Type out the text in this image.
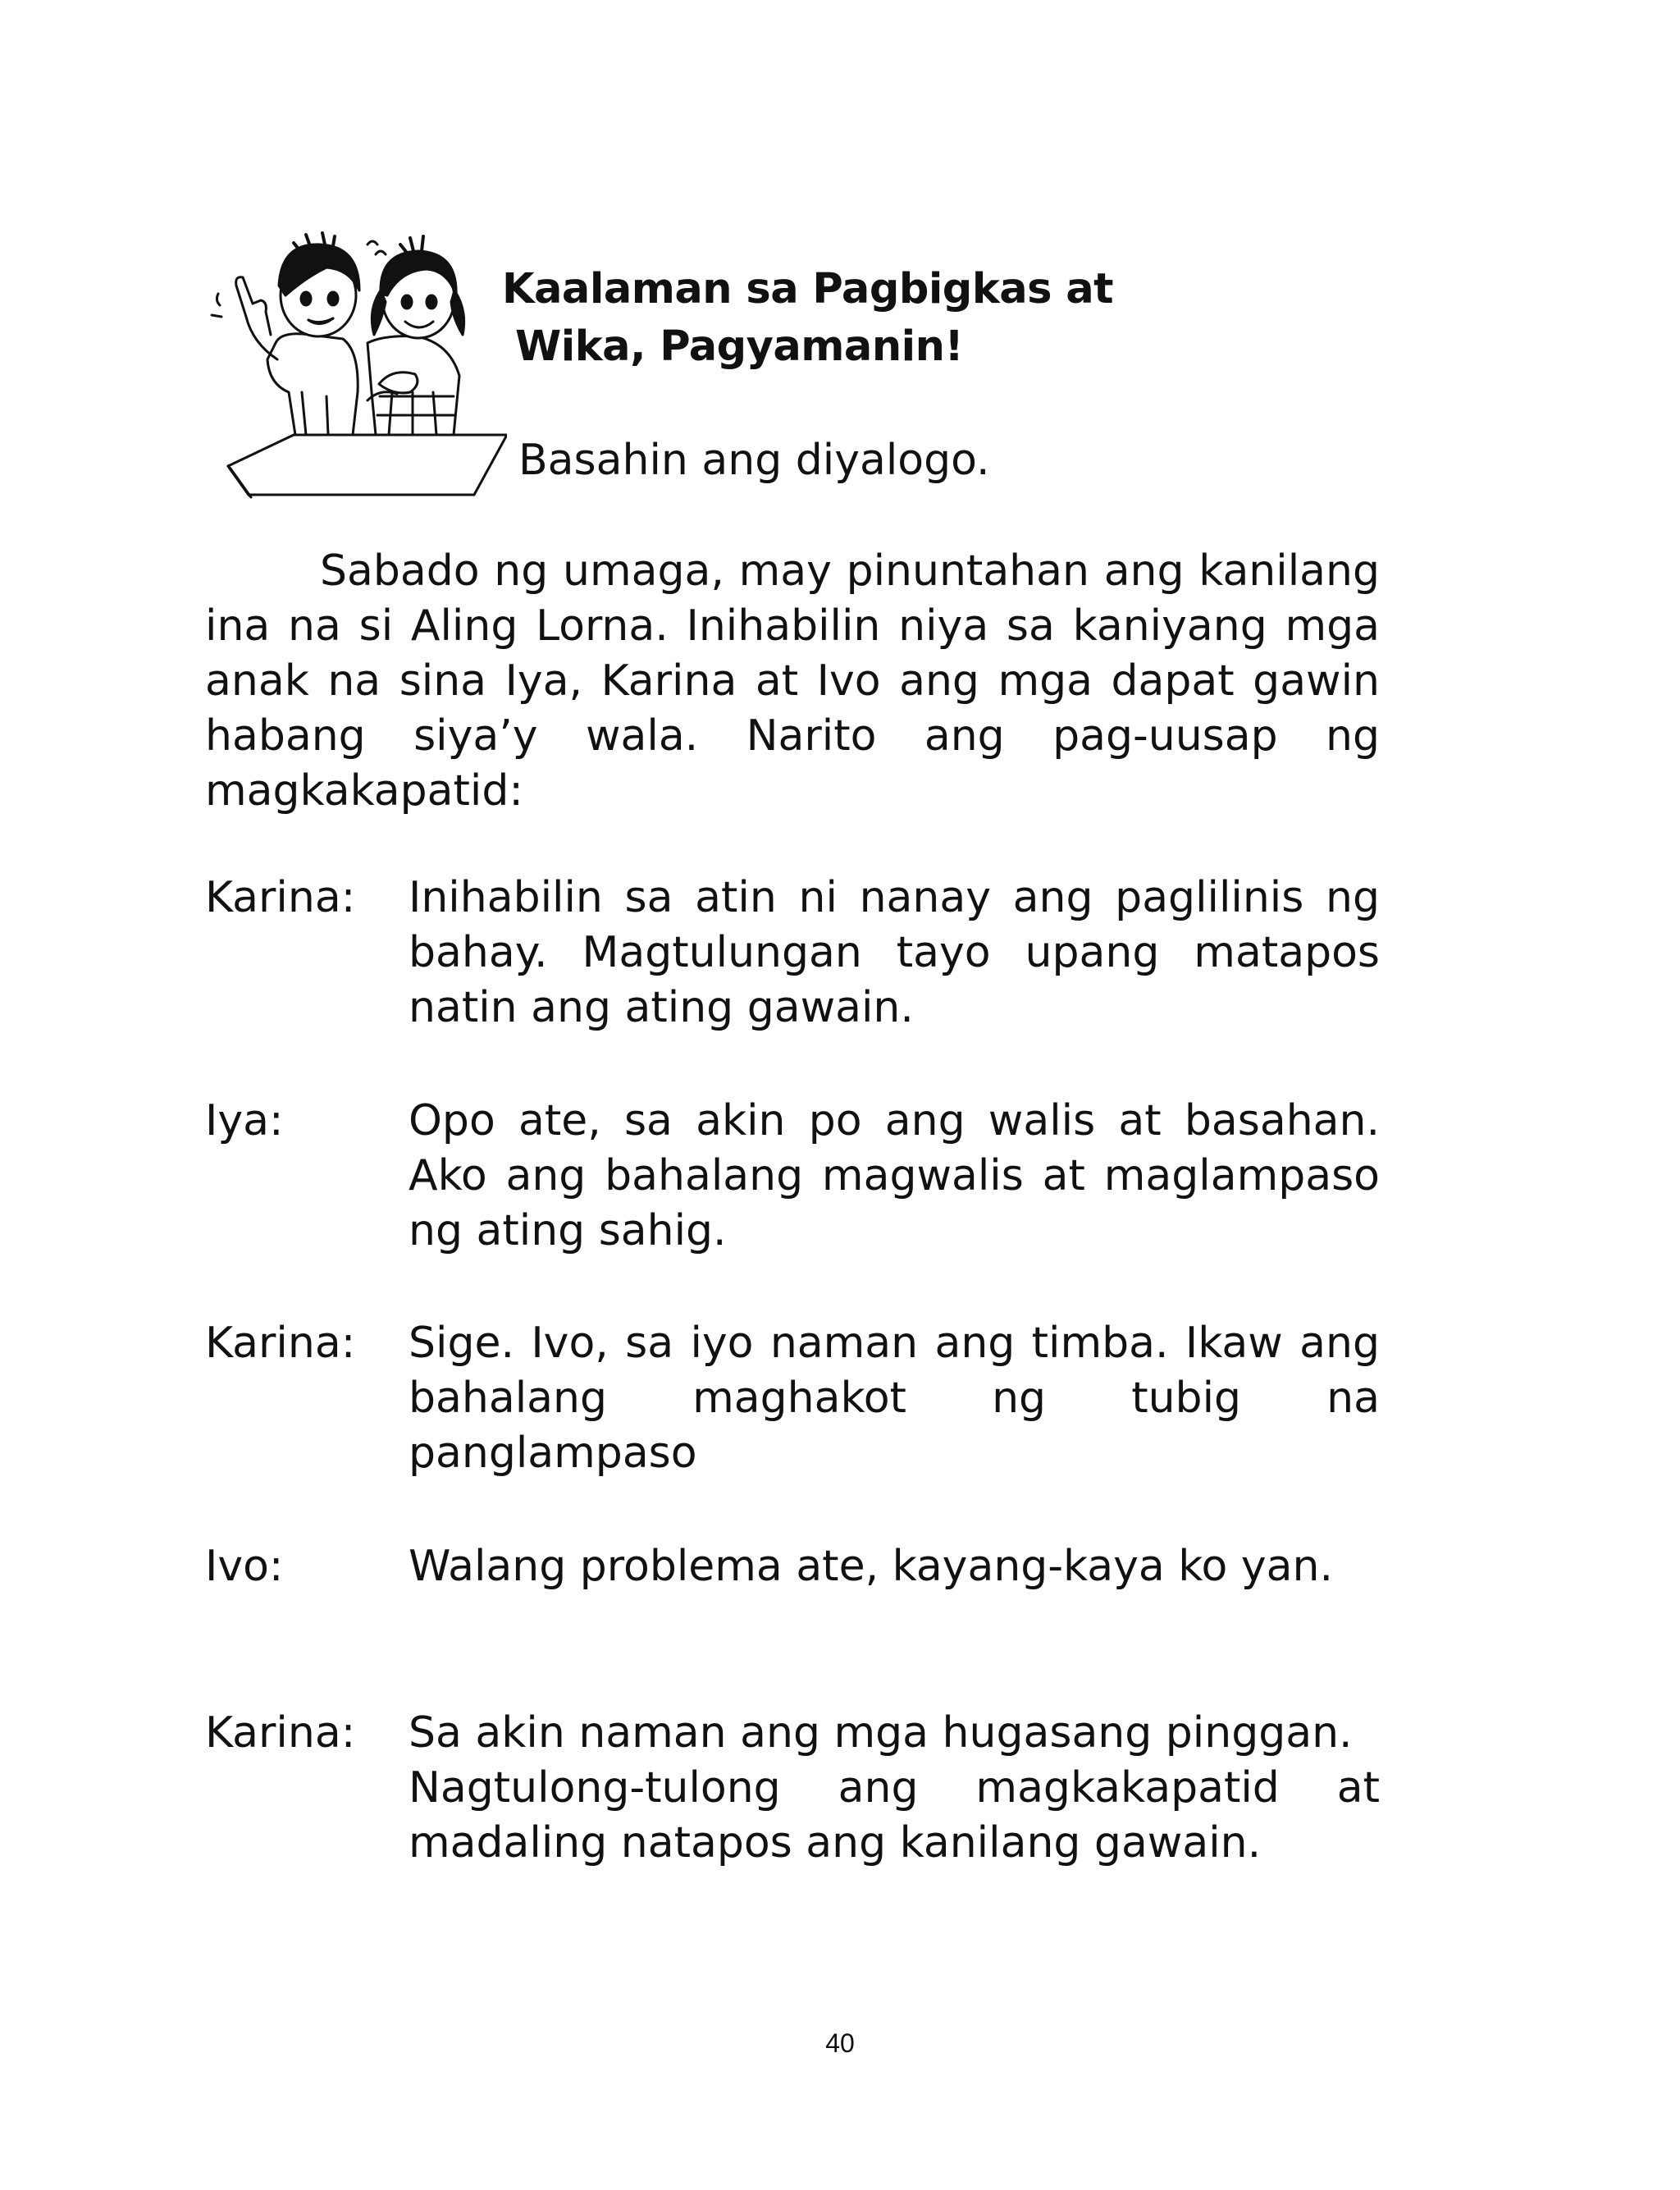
Kaalaman sa Pagbigkas at
Wika, Pagyamanin!

Basahin ang diyalogo.

Sabado ng umaga, may pinuntahan ang kanilang ina na si Aling Lorna. Inihabilin niya sa kaniyang mga anak na sina Iya, Karina at Ivo ang mga dapat gawin habang siya’y wala. Narito ang pag-uusap ng magkakapatid:

Karina:	Inihabilin sa atin ni nanay ang paglilinis ng bahay. Magtulungan tayo upang matapos natin ang ating gawain.

Iya:	Opo ate, sa akin po ang walis at basahan. Ako ang bahalang magwalis at maglampaso ng ating sahig.

Karina:	Sige. Ivo, sa iyo naman ang timba. Ikaw ang bahalang maghakot ng tubig na panglampaso

Ivo:	Walang problema ate, kayang-kaya ko yan.

Karina:	Sa akin naman ang mga hugasang pinggan.

Nagtulong-tulong ang magkakapatid at madaling natapos ang kanilang gawain.

40
